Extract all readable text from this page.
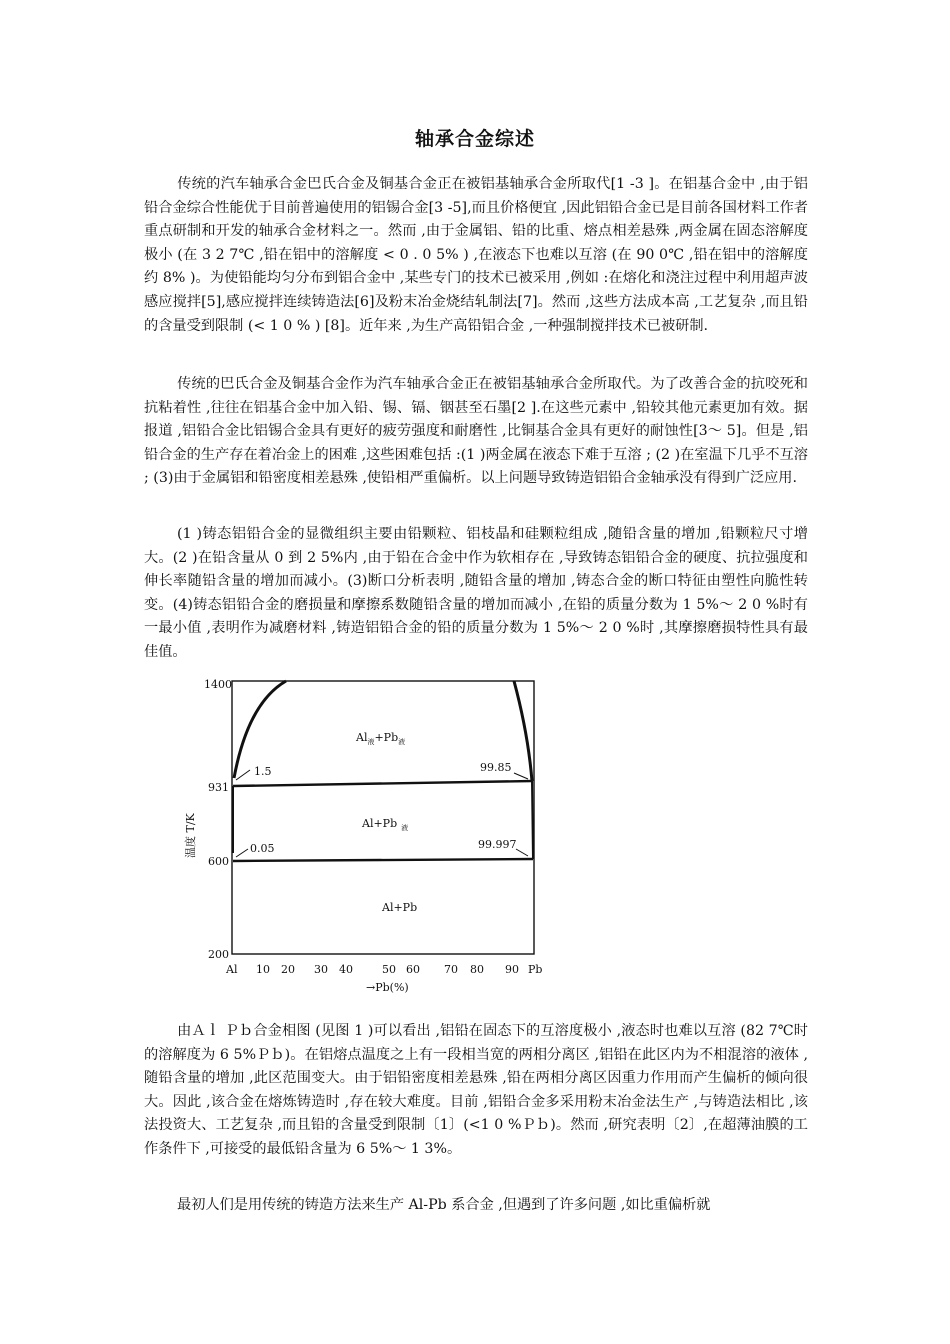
轴承合金综述

传统的汽车轴承合金巴氏合金及铜基合金正在被铝基轴承合金所取代[1 -3 ]。在铝基合金中 ,由于铝铅合金综合性能优于目前普遍使用的铝锡合金[3 -5],而且价格便宜 ,因此铝铅合金已是目前各国材料工作者重点研制和开发的轴承合金材料之一。然而 ,由于金属铝、铅的比重、熔点相差悬殊 ,两金属在固态溶解度极小 (在 3 2 7℃ ,铅在铝中的溶解度 < 0 . 0 5% ) ,在液态下也难以互溶 (在 90 0℃ ,铅在铝中的溶解度约 8% )。为使铅能均匀分布到铝合金中 ,某些专门的技术已被采用 ,例如 :在熔化和浇注过程中利用超声波感应搅拌[5],感应搅拌连续铸造法[6]及粉末冶金烧结轧制法[7]。然而 ,这些方法成本高 ,工艺复杂 ,而且铅的含量受到限制 (< 1 0 % ) [8]。近年来 ,为生产高铅铝合金 ,一种强制搅拌技术已被研制.

传统的巴氏合金及铜基合金作为汽车轴承合金正在被铝基轴承合金所取代。为了改善合金的抗咬死和抗粘着性 ,往往在铝基合金中加入铅、锡、镉、铟甚至石墨[2 ].在这些元素中 ,铅较其他元素更加有效。据报道 ,铝铅合金比铝锡合金具有更好的疲劳强度和耐磨性 ,比铜基合金具有更好的耐蚀性[3～ 5]。但是 ,铝铅合金的生产存在着冶金上的困难 ,这些困难包括 :(1 )两金属在液态下难于互溶 ; (2 )在室温下几乎不互溶 ; (3)由于金属铝和铅密度相差悬殊 ,使铅相严重偏析。以上问题导致铸造铝铅合金轴承没有得到广泛应用.

(1 )铸态铝铅合金的显微组织主要由铅颗粒、铝枝晶和硅颗粒组成 ,随铅含量的增加 ,铅颗粒尺寸增大。(2 )在铅含量从 0 到 2 5%内 ,由于铅在合金中作为软相存在 ,导致铸态铝铅合金的硬度、抗拉强度和伸长率随铅含量的增加而减小。(3)断口分析表明 ,随铅含量的增加 ,铸态合金的断口特征由塑性向脆性转变。(4)铸态铝铅合金的磨损量和摩擦系数随铅含量的增加而减小 ,在铅的质量分数为 1 5%～ 2 0 %时有一最小值 ,表明作为减磨材料 ,铸造铝铅合金的铅的质量分数为 1 5%～ 2 0 %时 ,其摩擦磨损特性具有最佳值。

1.5	99.85
0.05	99.997
$Al_液+Pb_液$
Al+Pb $_液$
Al+Pb
1400
931
600
200
温度 T/K
Al 10 20 30 40	50 60 70 80 90 Pb
→Pb(%)

由Ａｌ Ｐｂ合金相图 (见图 1 )可以看出 ,铝铅在固态下的互溶度极小 ,液态时也难以互溶 (82 7℃时的溶解度为 6 5%Ｐｂ)。在铝熔点温度之上有一段相当宽的两相分离区 ,铝铅在此区内为不相混溶的液体 ,随铅含量的增加 ,此区范围变大。由于铝铅密度相差悬殊 ,铅在两相分离区因重力作用而产生偏析的倾向很大。因此 ,该合金在熔炼铸造时 ,存在较大难度。目前 ,铝铅合金多采用粉末冶金法生产 ,与铸造法相比 ,该法投资大、工艺复杂 ,而且铅的含量受到限制〔1〕(<1 0 %Ｐｂ)。然而 ,研究表明〔2〕,在超薄油膜的工作条件下 ,可接受的最低铅含量为 6 5%～ 1 3%。

最初人们是用传统的铸造方法来生产 Al-Pb 系合金 ,但遇到了许多问题 ,如比重偏析就
